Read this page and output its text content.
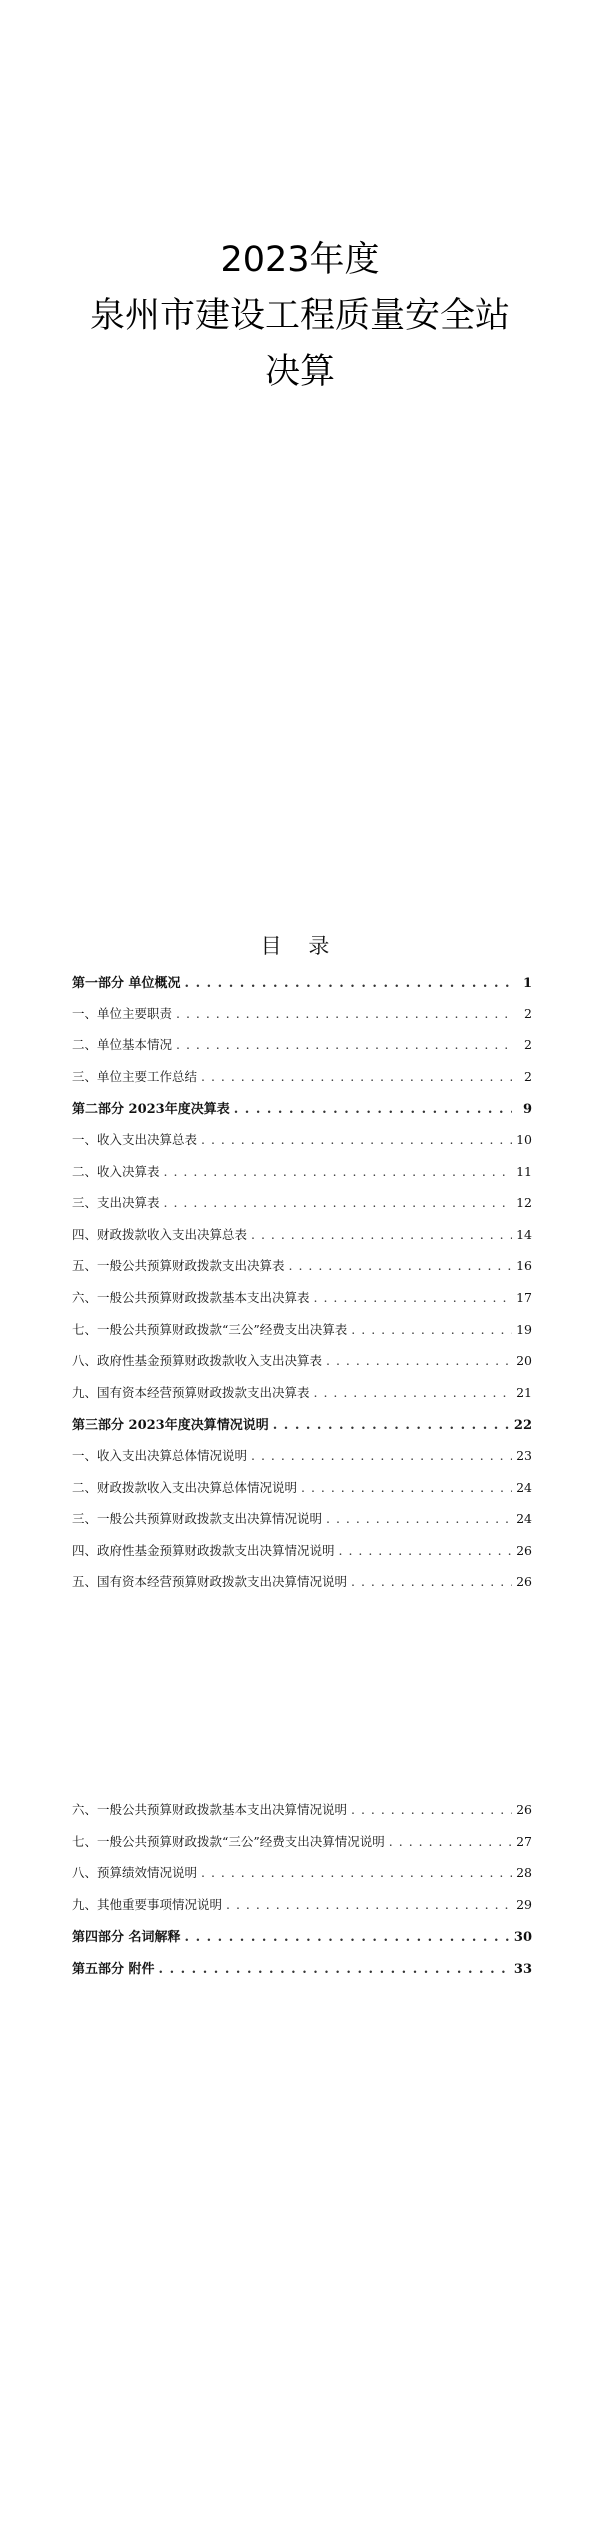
2023年度
泉州市建设工程质量安全站
决算
目 录
第一部分 单位概况 . . .	1
一、单位主要职责 . . .	2
二、单位基本情况 . . .	2
三、单位主要工作总结 . . .	2
第二部分 2023年度决算表 . . .	9
一、收入支出决算总表 . . .	10
二、收入决算表 . . .	11
三、支出决算表 . . .	12
四、财政拨款收入支出决算总表 . . .	14
五、一般公共预算财政拨款支出决算表 . . .	16
六、一般公共预算财政拨款基本支出决算表 . . .	17
七、一般公共预算财政拨款“三公”经费支出决算表 . . .	19
八、政府性基金预算财政拨款收入支出决算表 . . .	20
九、国有资本经营预算财政拨款支出决算表 . . .	21
第三部分 2023年度决算情况说明 . . .	22
一、收入支出决算总体情况说明 . . .	23
二、财政拨款收入支出决算总体情况说明 . . .	24
三、一般公共预算财政拨款支出决算情况说明 . . .	24
四、政府性基金预算财政拨款支出决算情况说明 . . .	26
五、国有资本经营预算财政拨款支出决算情况说明 . . .	26
六、一般公共预算财政拨款基本支出决算情况说明 . . .	26
七、一般公共预算财政拨款“三公”经费支出决算情况说明 . . .	27
八、预算绩效情况说明 . . .	28
九、其他重要事项情况说明 . . .	29
第四部分 名词解释 . . .	30
第五部分 附件 . . .	33
